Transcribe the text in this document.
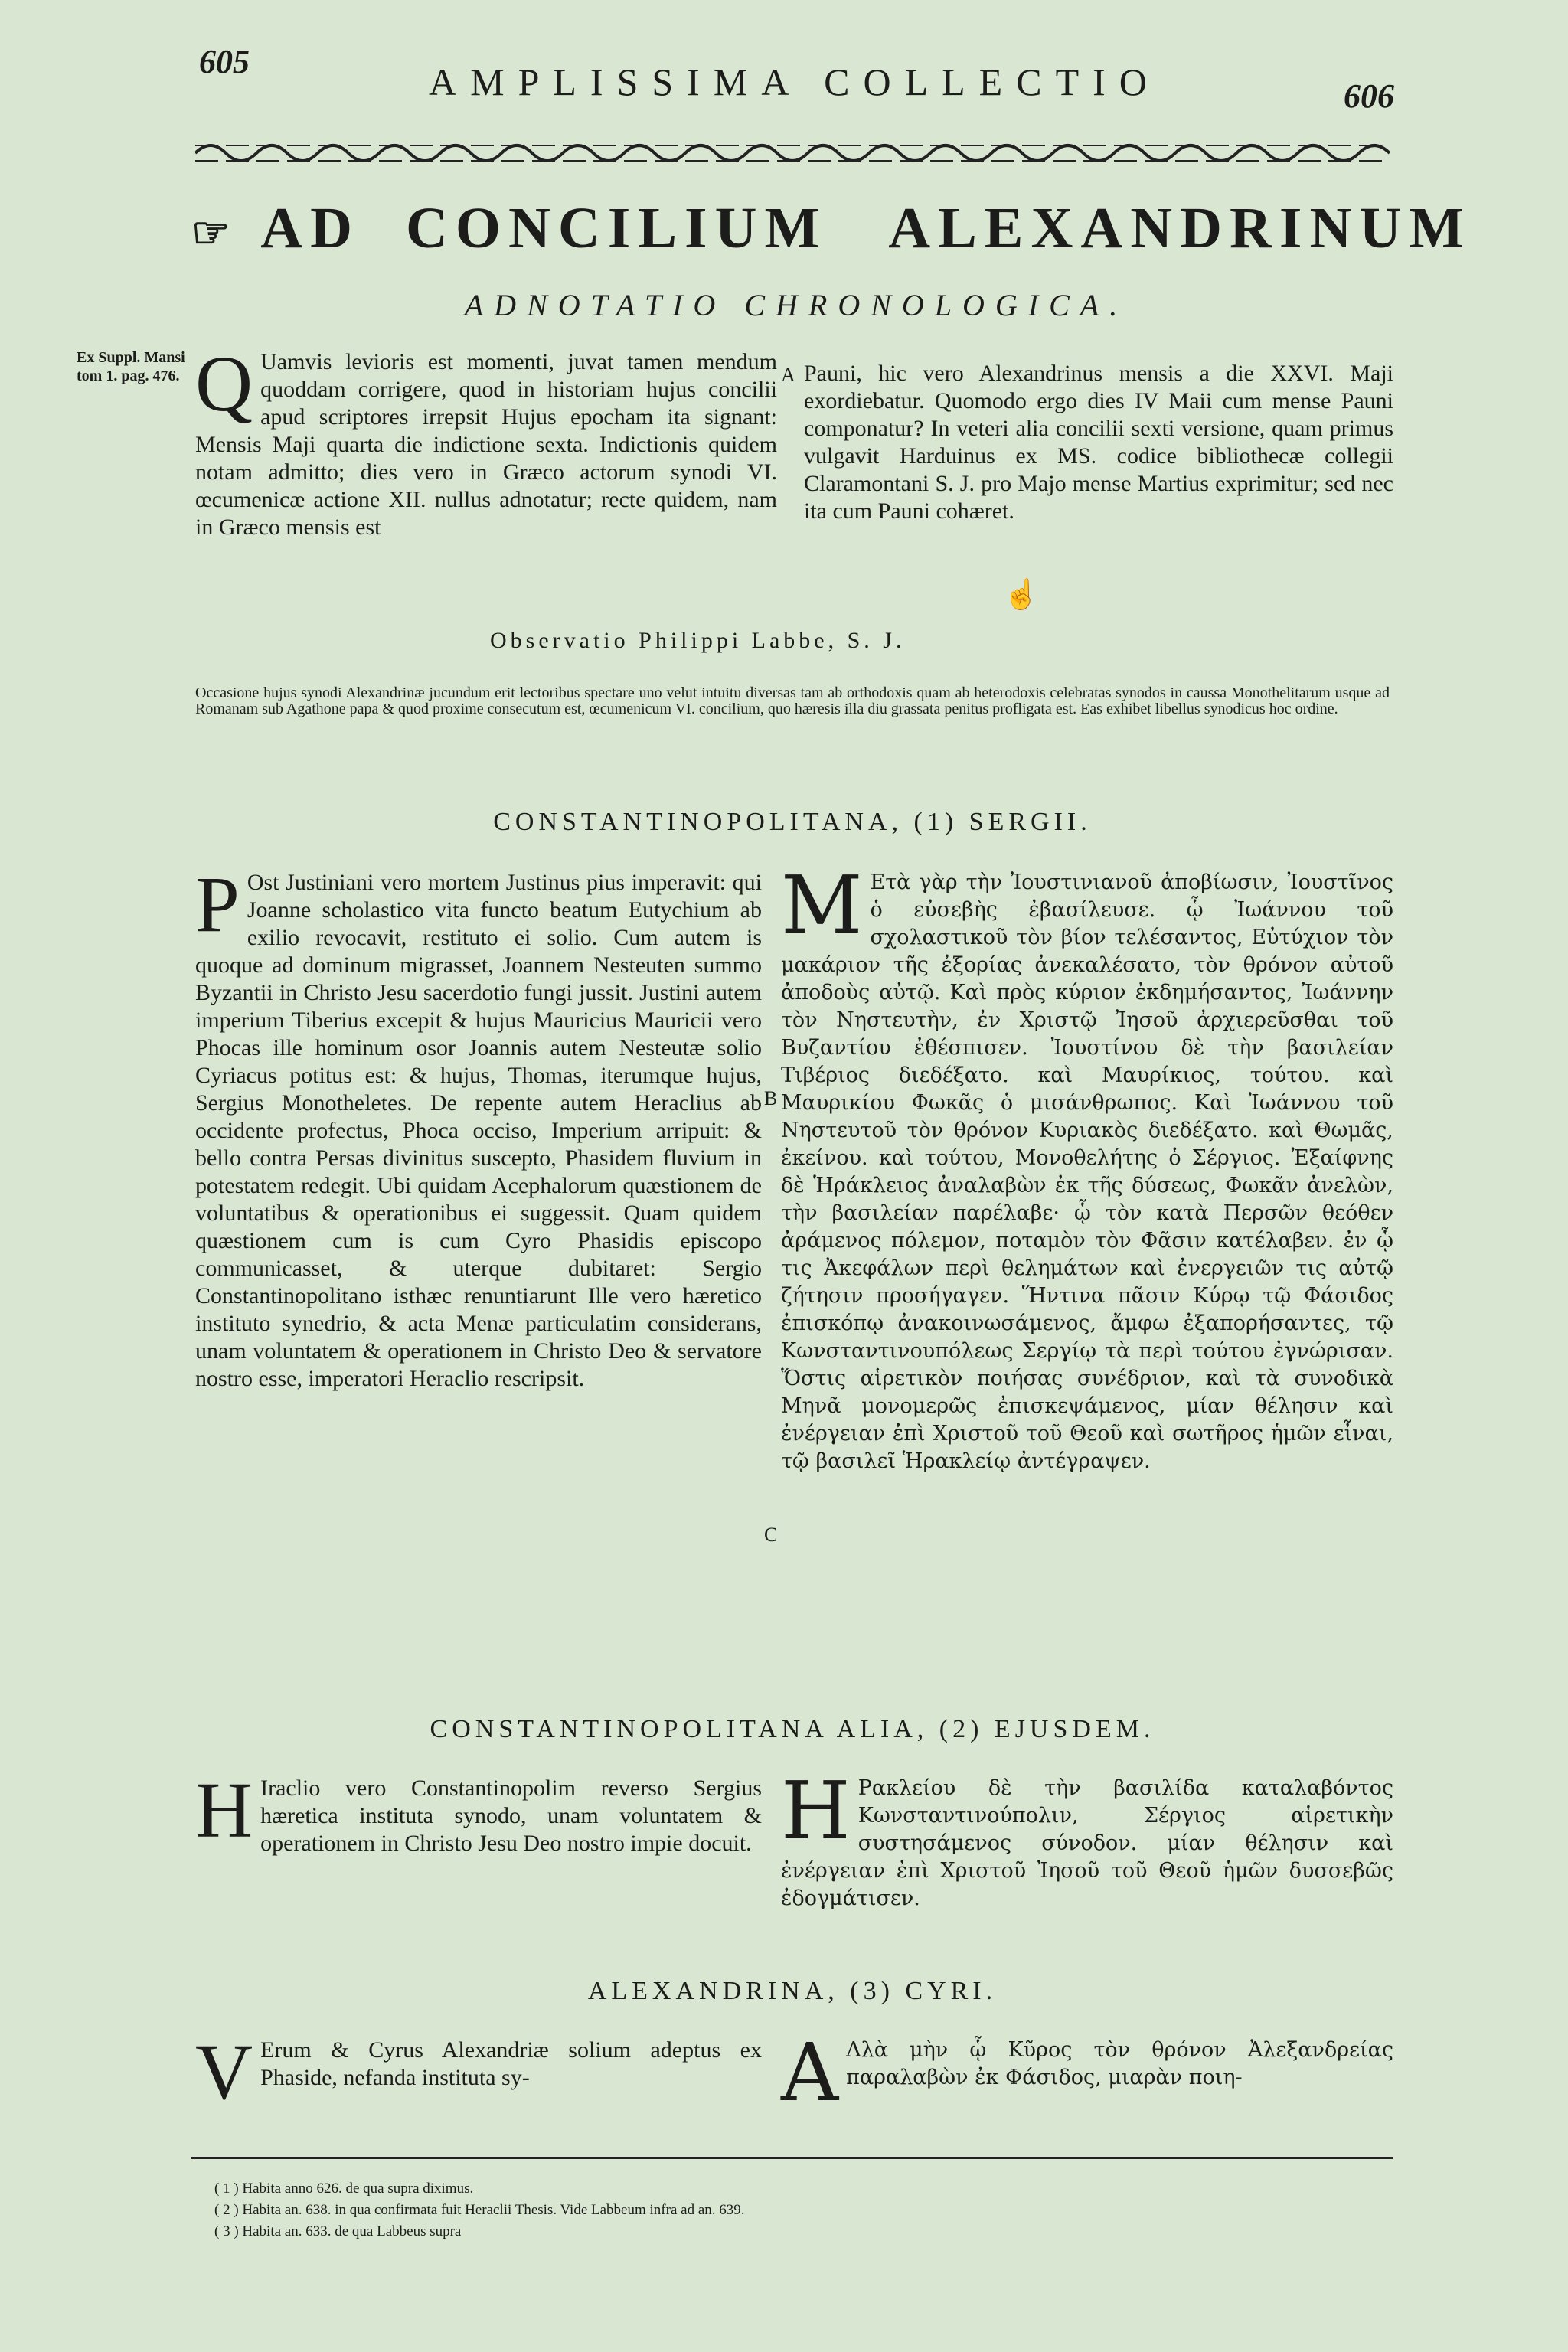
605	AMPLISSIMA COLLECTIO	606
☞ AD CONCILIUM ALEXANDRINUM
ADNOTATIO CHRONOLOGICA.
Ex Suppl. Mansi tom 1. pag. 476. Q Uamvis levioris est momenti, juvat tamen mendum quoddam corrigere, quod in historiam hujus concilii apud scriptores irrepsit Hujus epocham ita signant: Mensis Maji quarta die indictione sexta. Indictionis quidem notam admitto; dies vero in Græco actorum synodi VI. œcumenicæ actione XII. nullus adnotatur; recte quidem, nam in Græco mensis est

Pauni, hic vero Alexandrinus mensis a die XXVI. Maji exordiebatur. Quomodo ergo dies IV Maii cum mense Pauni componatur? In veteri alia concilii sexti versione, quam primus vulgavit Harduinus ex MS. codice bibliothecæ collegii Claramontani S. J. pro Majo mense Martius exprimitur; sed nec ita cum Pauni cohæret.

☝
Observatio Philippi Labbe, S. J.
Occasione hujus synodi Alexandrinæ jucundum erit lectoribus spectare uno velut intuitu diversas tam ab orthodoxis quam ab heterodoxis celebratas synodos in caussa Monothelitarum usque ad Romanam sub Agathone papa & quod proxime consecutum est, œcumenicum VI. concilium, quo hæresis illa diu grassata penitus profligata est. Eas exhibet libellus synodicus hoc ordine.
CONSTANTINOPOLITANA, (1) SERGII.
P Ost Justiniani vero mortem Justinus pius imperavit: qui Joanne scholastico vita functo beatum Eutychium ab exilio revocavit, restituto ei solio. Cum autem is quoque ad dominum migrasset, Joannem Nesteuten summo Byzantii in Christo Jesu sacerdotio fungi jussit. Justini autem imperium Tiberius excepit & hujus Mauricius Mauricii vero Phocas ille hominum osor Joannis autem Nesteutæ solio Cyriacus potitus est: & hujus, Thomas, iterumque hujus, Sergius Monotheletes. De repente autem Heraclius ab occidente profectus, Phoca occiso, Imperium arripuit: & bello contra Persas divinitus suscepto, Phasidem fluvium in potestatem redegit. Ubi quidam Acephalorum quæstionem de voluntatibus & operationibus ei suggessit. Quam quidem quæstionem cum is cum Cyro Phasidis episcopo communicasset, & uterque dubitaret: Sergio Constantinopolitano isthæc renuntiarunt Ille vero hæretico instituto synedrio, & acta Menæ particulatim considerans, unam voluntatem & operationem in Christo Deo & servatore nostro esse, imperatori Heraclio rescripsit.

Μ Ετὰ γὰρ τὴν Ἰουστινιανοῦ ἀποβίωσιν, Ἰουστῖνος ὁ εὐσεβὴς ἐβασίλευσε. ᾧ Ἰωάννου τοῦ σχολαστικοῦ τὸν βίον τελέσαντος, Εὐτύχιον τὸν μακάριον τῆς ἐξορίας ἀνεκαλέσατο, τὸν θρόνον αὐτοῦ ἀποδοὺς αὐτῷ. Καὶ πρὸς κύριον ἐκδημήσαντος, Ἰωάννην τὸν Νηστευτὴν, ἐν Χριστῷ Ἰησοῦ ἀρχιερεῦσθαι τοῦ Βυζαντίου ἐθέσπισεν. Ἰουστίνου δὲ τὴν βασιλείαν Τιβέριος διεδέξατο. καὶ Μαυρίκιος, τούτου. καὶ Μαυρικίου Φωκᾶς ὁ μισάνθρωπος. Καὶ Ἰωάννου τοῦ Νηστευτοῦ τὸν θρόνον Κυριακὸς διεδέξατο. καὶ Θωμᾶς, ἐκείνου. καὶ τούτου, Μονοθελήτης ὁ Σέργιος. Ἐξαίφνης δὲ Ἡράκλειος ἀναλαβὼν ἐκ τῆς δύσεως, Φωκᾶν ἀνελὼν, τὴν βασιλείαν παρέλαβε· ᾧ τὸν κατὰ Περσῶν θεόθεν ἀράμενος πόλεμον, ποταμὸν τὸν Φᾶσιν κατέλαβεν. ἐν ᾧ τις Ἀκεφάλων περὶ θελημάτων καὶ ἐνεργειῶν τις αὐτῷ ζήτησιν προσήγαγεν. Ἥντινα πᾶσιν Κύρῳ τῷ Φάσιδος ἐπισκόπῳ ἀνακοινωσάμενος, ἄμφω ἐξαπορήσαντες, τῷ Κωνσταντινουπόλεως Σεργίῳ τὰ περὶ τούτου ἐγνώρισαν. Ὅστις αἱρετικὸν ποιήσας συνέδριον, καὶ τὰ συνοδικὰ Μηνᾶ μονομερῶς ἐπισκεψάμενος, μίαν θέλησιν καὶ ἐνέργειαν ἐπὶ Χριστοῦ τοῦ Θεοῦ καὶ σωτῆρος ἡμῶν εἶναι, τῷ βασιλεῖ Ἡρακλείῳ ἀντέγραψεν.

CONSTANTINOPOLITANA ALIA, (2) EJUSDEM.
H Iraclio vero Constantinopolim reverso Sergius hæretica instituta synodo, unam voluntatem & operationem in Christo Jesu Deo nostro impie docuit. Η Ρακλείου δὲ τὴν βασιλίδα καταλαβόντος Κωνσταντινούπολιν, Σέργιος αἱρετικὴν συστησάμενος σύνοδον. μίαν θέλησιν καὶ ἐνέργειαν ἐπὶ Χριστοῦ Ἰησοῦ τοῦ Θεοῦ ἡμῶν δυσσεβῶς ἐδογμάτισεν.

ALEXANDRINA, (3) CYRI.
V Erum & Cyrus Alexandriæ solium adeptus ex Phaside, nefanda instituta sy-	Α Λλὰ μὴν ᾧ Κῦρος τὸν θρόνον Ἀλεξανδρείας παραλαβὼν ἐκ Φάσιδος, μιαρὰν ποιη-

B
A
C
( 1 ) Habita anno 626. de qua supra diximus.
( 2 ) Habita an. 638. in qua confirmata fuit Heraclii Thesis. Vide Labbeum infra ad an. 639.
( 3 ) Habita an. 633. de qua Labbeus supra
